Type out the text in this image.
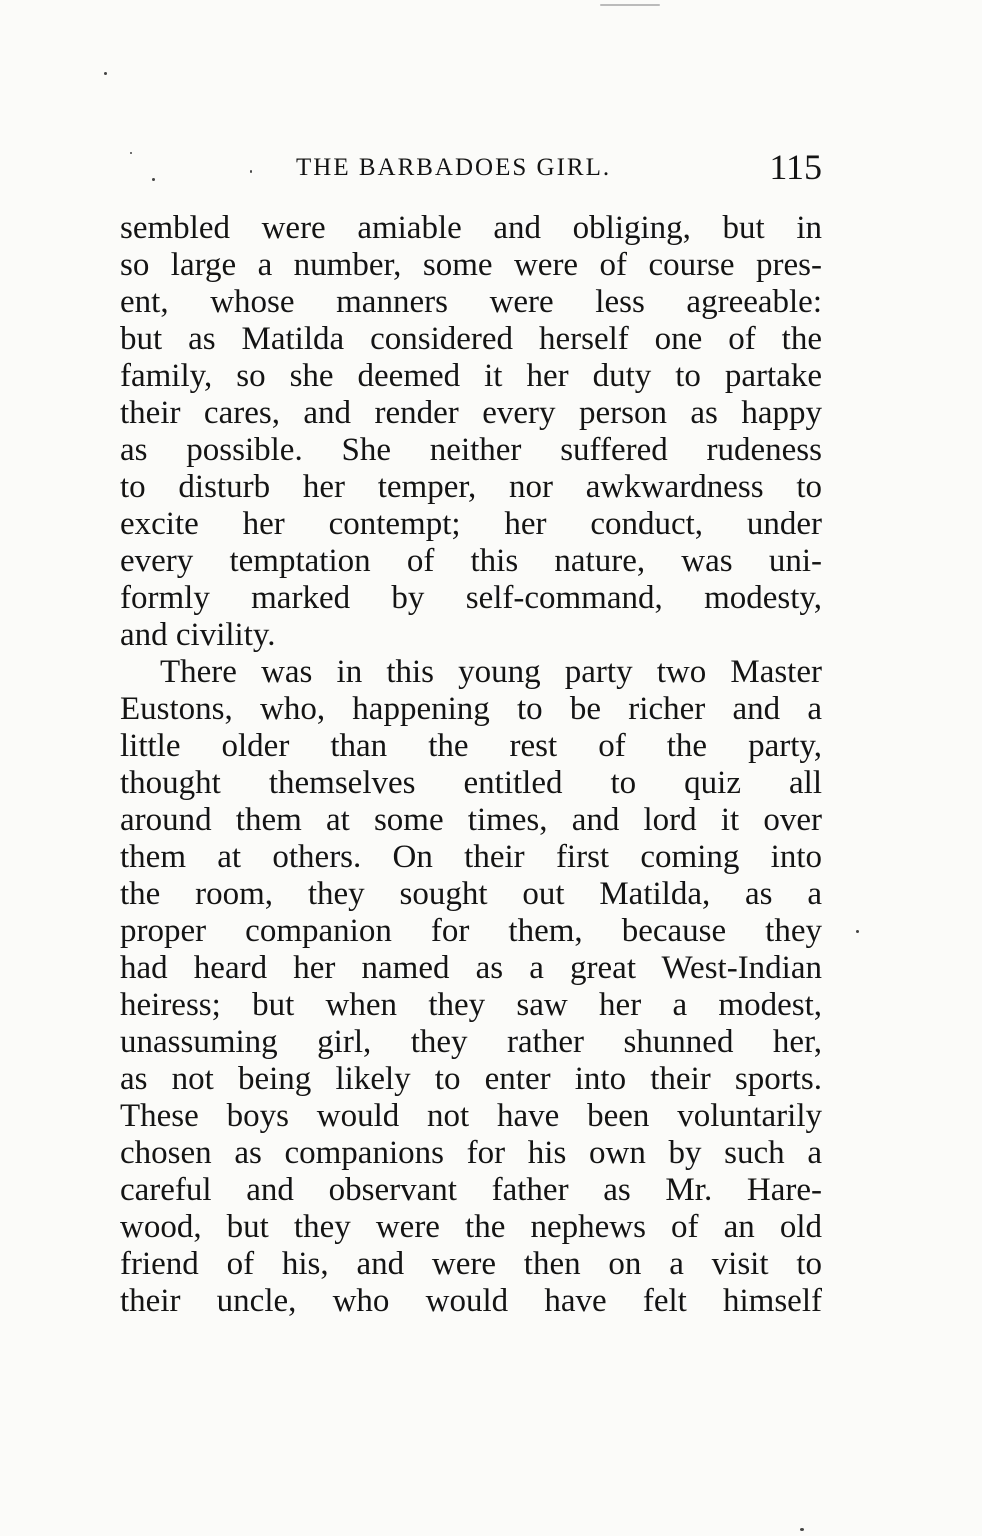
THE BARBADOES GIRL.	115
sembled were amiable and obliging, but in
so large a number, some were of course pres-
ent, whose manners were less agreeable:
but as Matilda considered herself one of the
family, so she deemed it her duty to partake
their cares, and render every person as happy
as possible. She neither suffered rudeness
to disturb her temper, nor awkwardness to
excite her contempt; her conduct, under
every temptation of this nature, was uni-
formly marked by self-command, modesty,
and civility.
There was in this young party two Master
Eustons, who, happening to be richer and a
little older than the rest of the party,
thought themselves entitled to quiz all
around them at some times, and lord it over
them at others. On their first coming into
the room, they sought out Matilda, as a
proper companion for them, because they
had heard her named as a great West-Indian
heiress; but when they saw her a modest,
unassuming girl, they rather shunned her,
as not being likely to enter into their sports.
These boys would not have been voluntarily
chosen as companions for his own by such a
careful and observant father as Mr. Hare-
wood, but they were the nephews of an old
friend of his, and were then on a visit to
their uncle, who would have felt himself
